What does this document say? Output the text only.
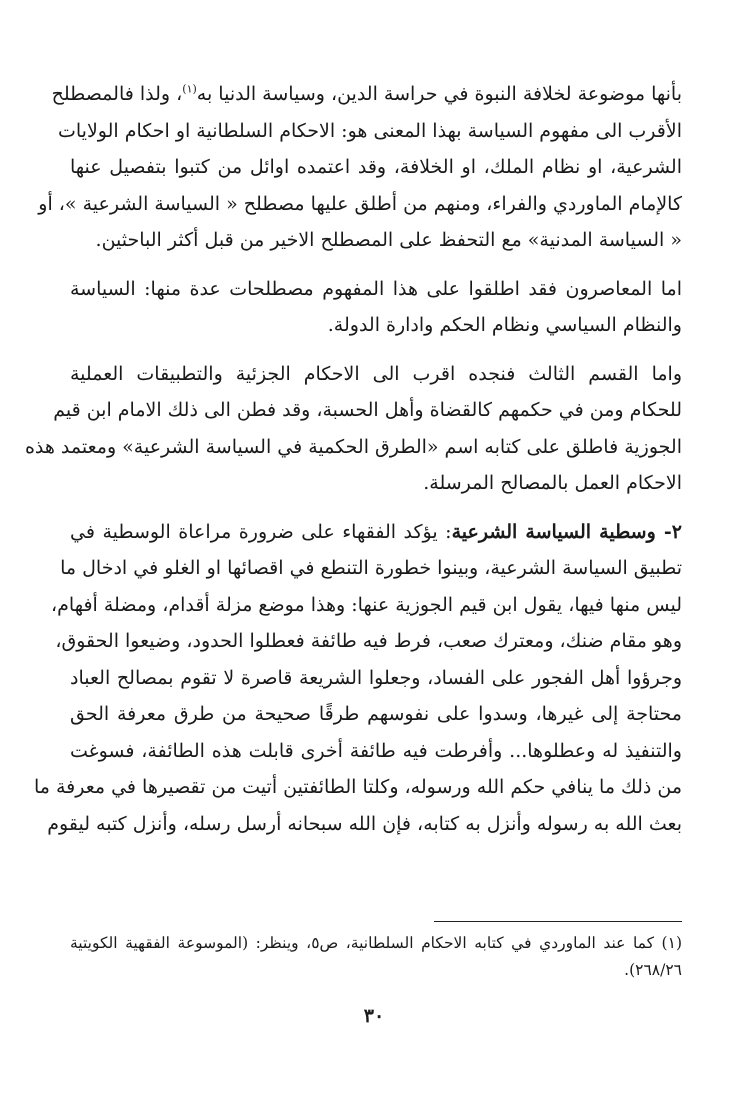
بأنها موضوعة لخلافة النبوة في حراسة الدين، وسياسة الدنيا به$^{(١)}$، ولذا فالمصطلح
الأقرب الى مفهوم السياسة بهذا المعنى هو: الاحكام السلطانية او احكام الولايات
الشرعية، او نظام الملك، او الخلافة، وقد اعتمده اوائل من كتبوا بتفصيل عنها
كالإمام الماوردي والفراء، ومنهم من أطلق عليها مصطلح « السياسة الشرعية »، أو
« السياسة المدنية» مع التحفظ على المصطلح الاخير من قبل أكثر الباحثين.

اما المعاصرون فقد اطلقوا على هذا المفهوم مصطلحات عدة منها: السياسة
والنظام السياسي ونظام الحكم وادارة الدولة.

واما القسم الثالث فنجده اقرب الى الاحكام الجزئية والتطبيقات العملية
للحكام ومن في حكمهم كالقضاة وأهل الحسبة، وقد فطن الى ذلك الامام ابن قيم
الجوزية فاطلق على كتابه اسم «الطرق الحكمية في السياسة الشرعية» ومعتمد هذه
الاحكام العمل بالمصالح المرسلة.

٢- وسطية السياسة الشرعية: يؤكد الفقهاء على ضرورة مراعاة الوسطية في
تطبيق السياسة الشرعية، وبينوا خطورة التنطع في اقصائها او الغلو في ادخال ما
ليس منها فيها، يقول ابن قيم الجوزية عنها: وهذا موضع مزلة أقدام، ومضلة أفهام،
وهو مقام ضنك، ومعترك صعب، فرط فيه طائفة فعطلوا الحدود، وضيعوا الحقوق،
وجرؤوا أهل الفجور على الفساد، وجعلوا الشريعة قاصرة لا تقوم بمصالح العباد
محتاجة إلى غيرها، وسدوا على نفوسهم طرقًا صحيحة من طرق معرفة الحق
والتنفيذ له وعطلوها... وأفرطت فيه طائفة أخرى قابلت هذه الطائفة، فسوغت
من ذلك ما ينافي حكم الله ورسوله، وكلتا الطائفتين أتيت من تقصيرها في معرفة ما
بعث الله به رسوله وأنزل به كتابه، فإن الله سبحانه أرسل رسله، وأنزل كتبه ليقوم

(١) كما عند الماوردي في كتابه الاحكام السلطانية، ص٥، وينظر: (الموسوعة الفقهية الكويتية
٢٦٨/٢٦).
٣٠
